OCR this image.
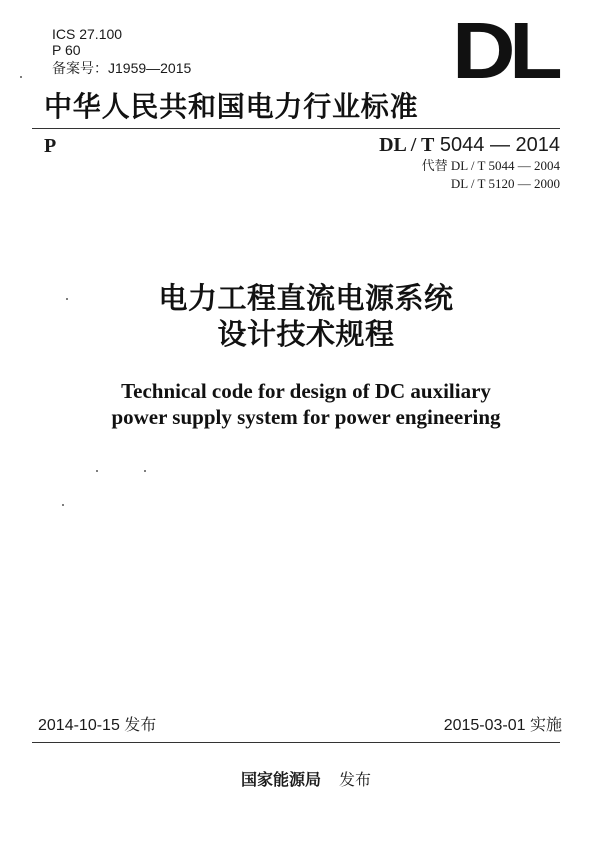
ICS 27.100
P 60
备案号：J1959—2015	DL
中华人民共和国电力行业标准
P	DL / T 5044 — 2014
代替 DL / T 5044 — 2004
DL / T 5120 — 2000
电力工程直流电源系统
设计技术规程
Technical code for design of DC auxiliary
power supply system for power engineering
2014-10-15 发布	2015-03-01 实施
国家能源局 发布
